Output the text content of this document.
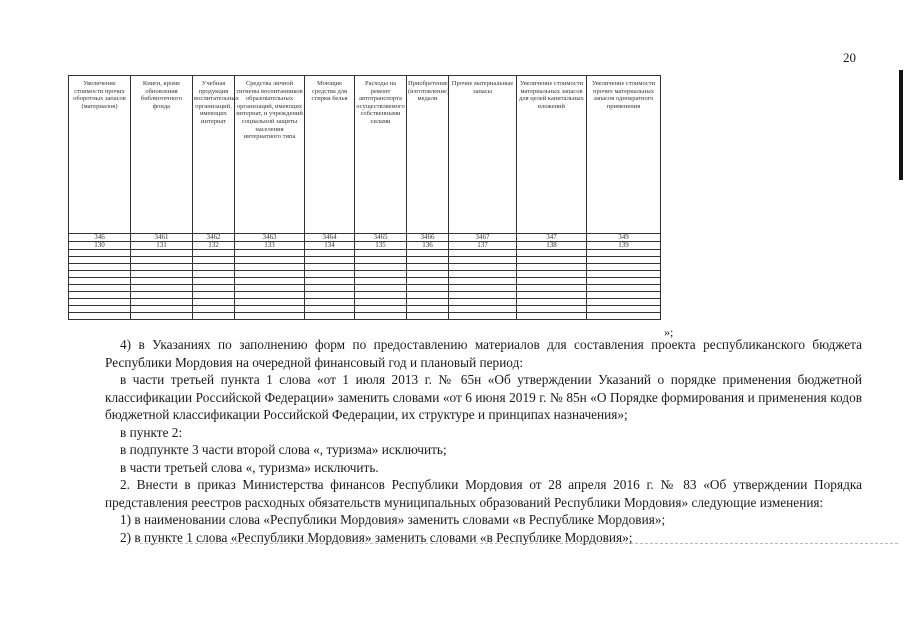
20
Увеличение стоимости прочих оборотных запасов (материалов)	Книги, кроме обновления библиотечного фонда	Учебная продукция воспитательных организаций, имеющих интернат	Средства личной гигиены воспитанников образовательных организаций, имеющих интернат, и учреждений социальной защиты населения интернатного типа	Моющие средства для стирки белья	Расходы на ремонт автотранспорта осуществляемого собственными силами	Приобретение (изготовление) медали	Прочие материальные запасы	Увеличение стоимости материальных запасов для целей капитальных вложений	Увеличение стоимости прочих материальных запасов однократного применения
346	3461	3462	3463	3464	3465	3466	3467	347	349
130	131	132	133	134	135	136	137	138	139

»;

4) в Указаниях по заполнению форм по предоставлению материалов для составления проекта республиканского бюджета Республики Мордовия на очередной финансовый год и плановый период:

в части третьей пункта 1 слова «от 1 июля 2013 г. № 65н «Об утверждении Указаний о порядке применения бюджетной классификации Российской Федерации» заменить словами «от 6 июня 2019 г. № 85н «О Порядке формирования и применения кодов бюджетной классификации Российской Федерации, их структуре и принципах назначения»;

в пункте 2:

в подпункте 3 части второй слова «, туризма» исключить;

в части третьей слова «, туризма» исключить.

2. Внести в приказ Министерства финансов Республики Мордовия от 28 апреля 2016 г. № 83 «Об утверждении Порядка представления реестров расходных обязательств муниципальных образований Республики Мордовия» следующие изменения:

1) в наименовании слова «Республики Мордовия» заменить словами «в Республике Мордовия»;

2) в пункте 1 слова «Республики Мордовия» заменить словами «в Республике Мордовия»;
